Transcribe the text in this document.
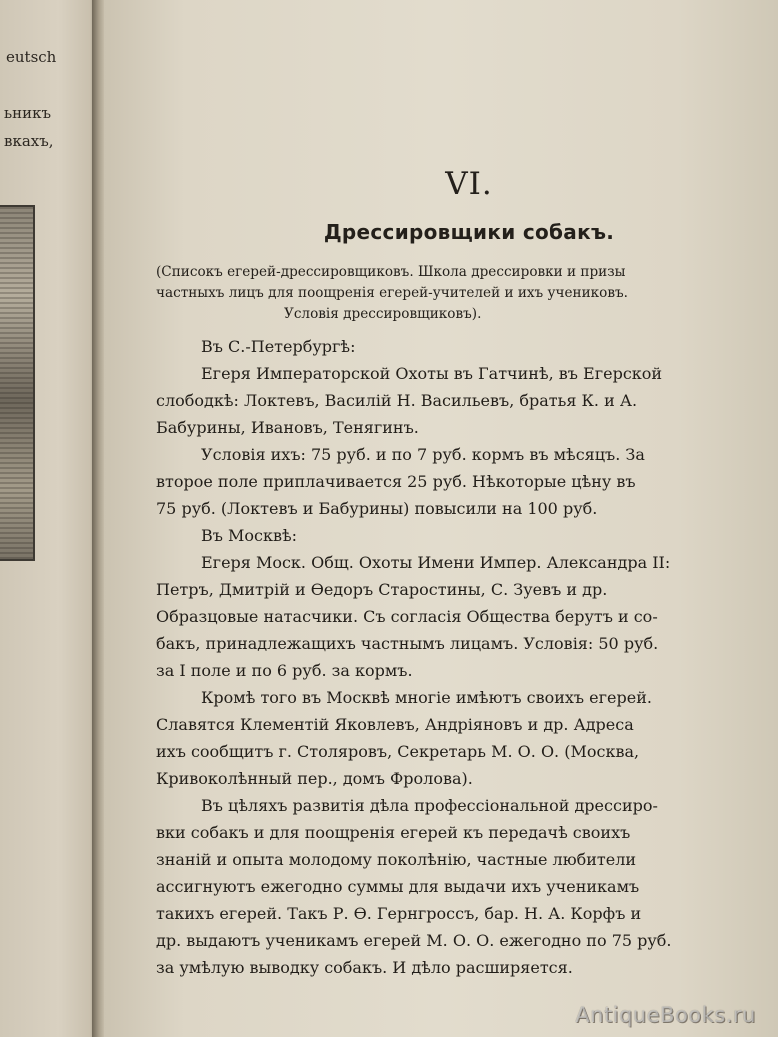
eutsch
ьникъ
вкахъ,
VI.
Дрессировщики собакъ.
(Списокъ егерей-дрессировщиковъ. Школа дрессировки и призы
частныхъ лицъ для поощренія егерей-учителей и ихъ учениковъ.
Условія дрессировщиковъ).
Въ С.-Петербургѣ:
Егеря Императорской Охоты въ Гатчинѣ, въ Егерской
слободкѣ: Локтевъ, Василій Н. Васильевъ, братья К. и А.
Бабурины, Ивановъ, Тенягинъ.
Условія ихъ: 75 руб. и по 7 руб. кормъ въ мѣсяцъ. За
второе поле приплачивается 25 руб. Нѣкоторые цѣну въ
75 руб. (Локтевъ и Бабурины) повысили на 100 руб.
Въ Москвѣ:
Егеря Моск. Общ. Охоты Имени Импер. Александра II:
Петръ, Дмитрій и Ѳедоръ Старостины, С. Зуевъ и др.
Образцовые натасчики. Съ согласія Общества берутъ и со-
бакъ, принадлежащихъ частнымъ лицамъ. Условія: 50 руб.
за I поле и по 6 руб. за кормъ.
Кромѣ того въ Москвѣ многіе имѣютъ своихъ егерей.
Славятся Клементій Яковлевъ, Андріяновъ и др. Адреса
ихъ сообщитъ г. Столяровъ, Секретарь М. О. О. (Москва,
Кривоколѣнный пер., домъ Фролова).
Въ цѣляхъ развитія дѣла профессіональной дрессиро-
вки собакъ и для поощренія егерей къ передачѣ своихъ
знаній и опыта молодому поколѣнію, частные любители
ассигнуютъ ежегодно суммы для выдачи ихъ ученикамъ
такихъ егерей. Такъ Р. Ѳ. Гернгроссъ, бар. Н. А. Корфъ и
др. выдаютъ ученикамъ егерей М. О. О. ежегодно по 75 руб.
за умѣлую выводку собакъ. И дѣло расширяется.
AntiqueBooks.ru
